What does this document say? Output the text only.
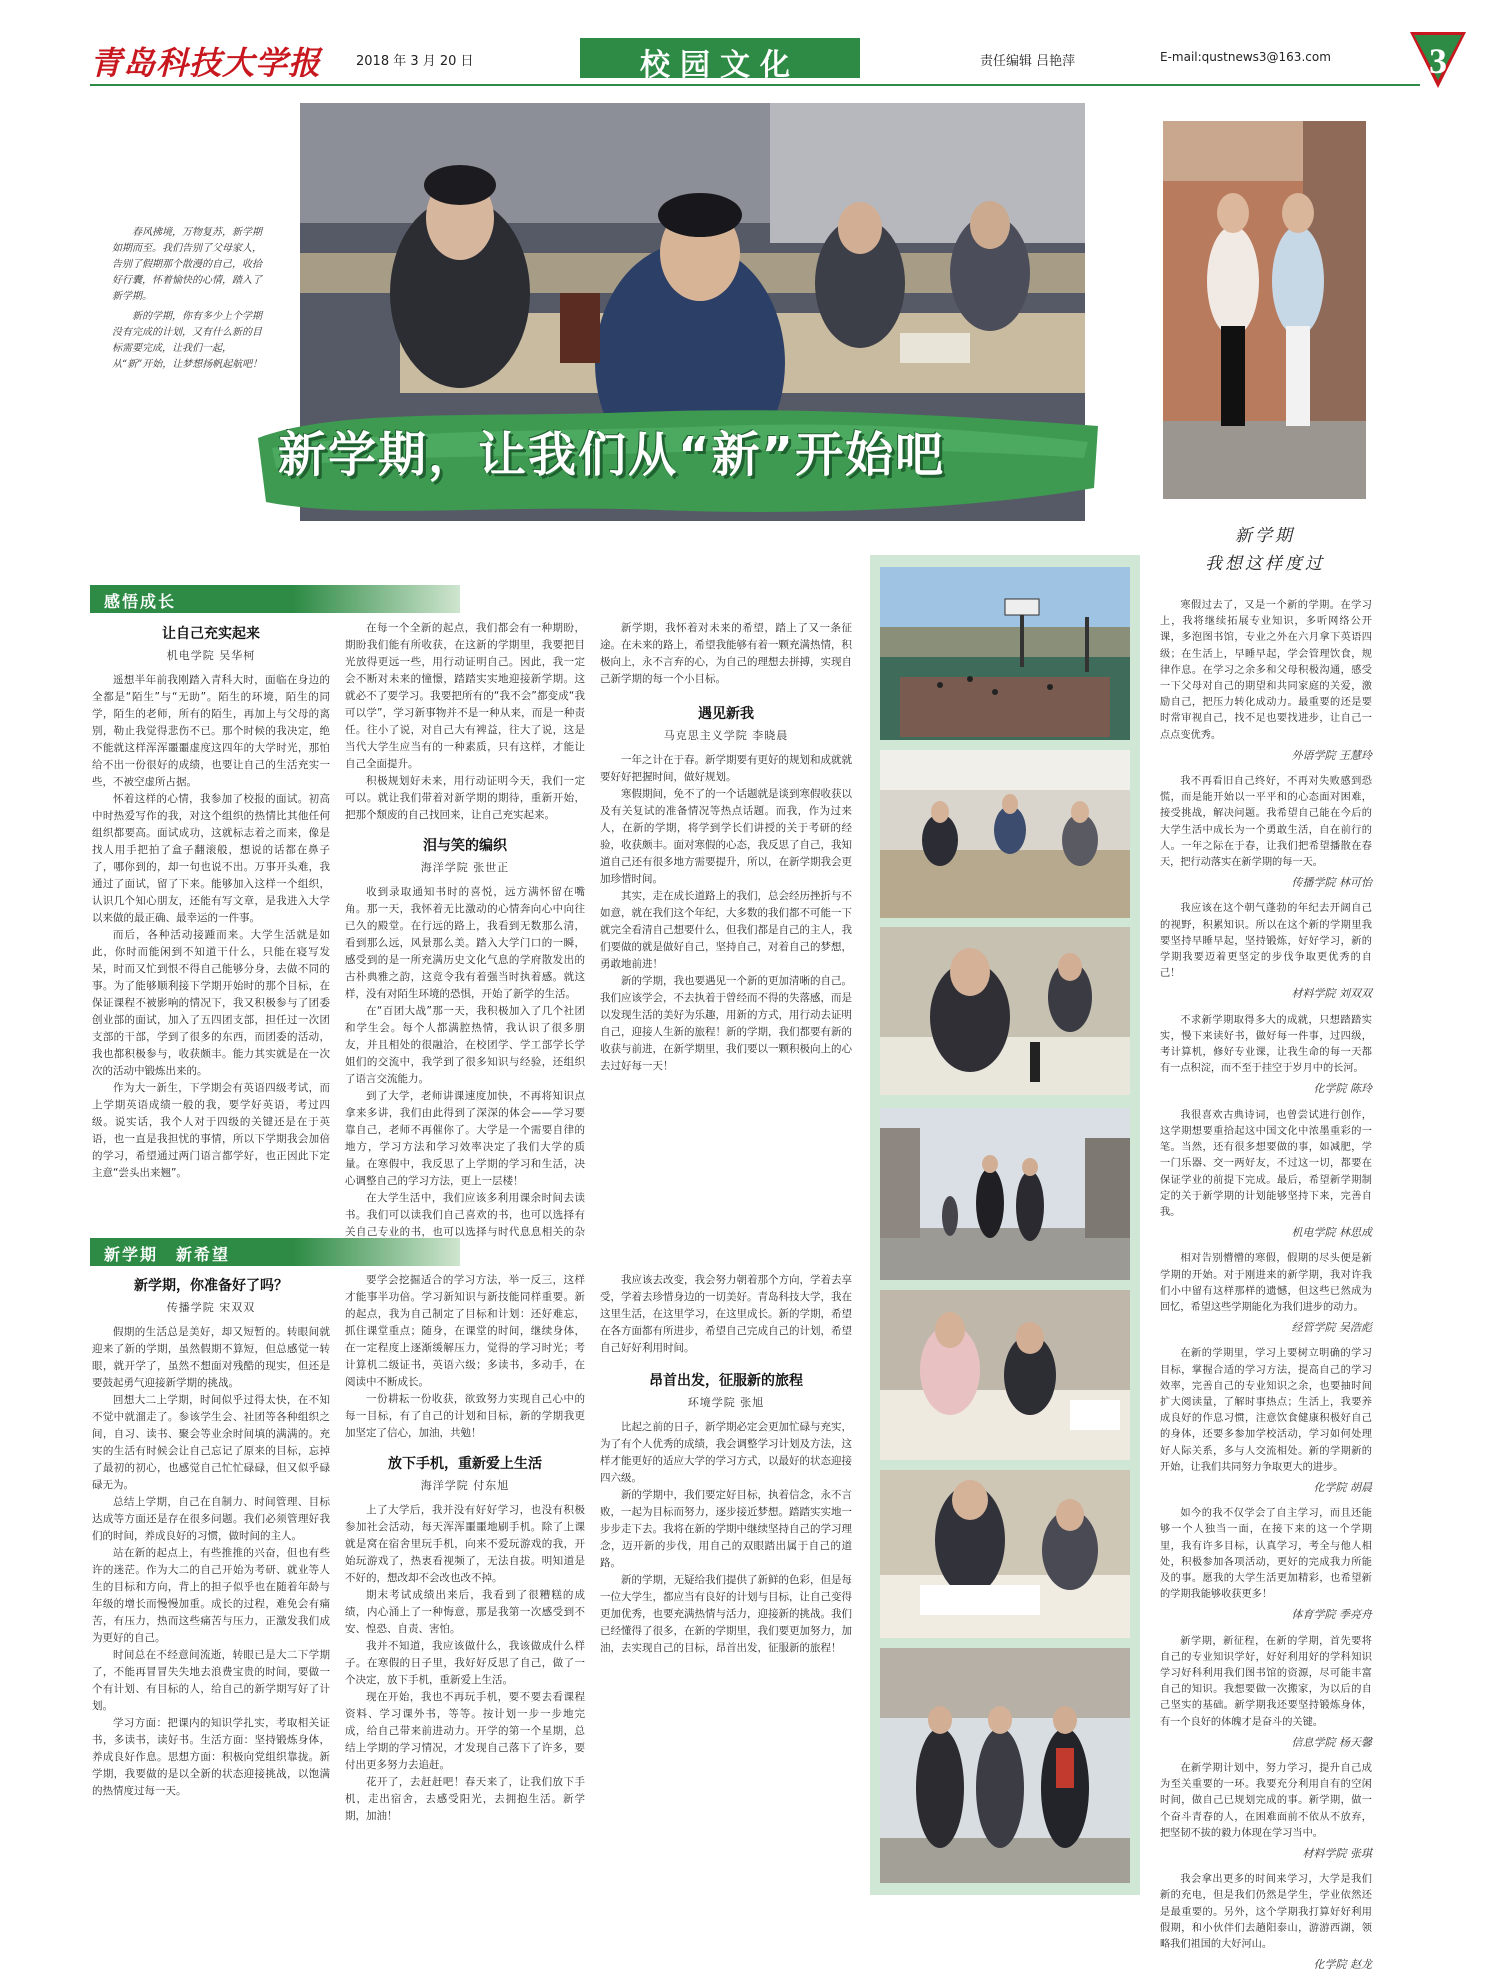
青岛科技大学报	2018 年 3 月 20 日	校园文化	责任编辑 吕艳萍	E-mail:qustnews3@163.com	3

春风拂境，万物复苏，新学期如期而至。我们告别了父母家人，告别了假期那个散漫的自己，收拾好行囊，怀着愉快的心情，踏入了新学期。

新的学期，你有多少上个学期没有完成的计划，又有什么新的目标需要完成，让我们一起，从“新”开始，让梦想扬帆起航吧！

新学期，让我们从“新”开始吧
新学期
我想这样度过
感悟成长
让自己充实起来
机电学院 吴华柯

遥想半年前我刚踏入青科大时，面临在身边的全都是“陌生”与“无助”。陌生的环境，陌生的同学，陌生的老师，所有的陌生，再加上与父母的离别，勒止我觉得悲伤不已。那个时候的我决定，绝不能就这样浑浑噩噩虚度这四年的大学时光，那怕给不出一份很好的成绩，也要让自己的生活充实一些，不被空虚所占据。

怀着这样的心情，我参加了校报的面试。初高中时热爱写作的我，对这个组织的热情比其他任何组织都要高。面试成功，这就标志着之而来，像是找人用手把拍了盒子翻滚般，想说的话都在鼻子了，哪你到的，却一句也说不出。万事开头难，我通过了面试，留了下来。能够加入这样一个组织，认识几个知心朋友，还能有写文章，是我进入大学以来做的最正确、最幸运的一件事。

而后，各种活动接踵而来。大学生活就是如此，你时而能闲到不知道干什么，只能在寝写发呆，时而又忙到恨不得自己能够分身，去做不同的事。为了能够顺利接下学期开始时的那个目标，在保证课程不被影响的情况下，我又积极参与了团委创业部的面试，加入了五四团支部，担任过一次团支部的干部，学到了很多的东西，而团委的活动，我也都积极参与，收获颇丰。能力其实就是在一次次的活动中锻炼出来的。

作为大一新生，下学期会有英语四级考试，而上学期英语成绩一般的我，要学好英语，考过四级。说实话，我个人对于四级的关键还是在于英语，也一直是我担忧的事情，所以下学期我会加倍的学习，希望通过两门语言都学好，也正因此下定主意“尝头出来翘”。

在每一个全新的起点，我们都会有一种期盼，期盼我们能有所收获，在这新的学期里，我要把目光放得更远一些，用行动证明自己。因此，我一定会不断对未来的憧憬，踏踏实实地迎接新学期。这就必不了要学习。我要把所有的“我不会”都变成“我可以学”，学习新事物并不是一种从来，而是一种责任。往小了说，对自己大有裨益，往大了说，这是当代大学生应当有的一种素质，只有这样，才能让自己全面提升。

积极规划好未来，用行动证明今天，我们一定可以。就让我们带着对新学期的期待，重新开始，把那个颓废的自己找回来，让自己充实起来。

泪与笑的编织
海洋学院 张世正

收到录取通知书时的喜悦，远方满怀留在嘴角。那一天，我怀着无比激动的心情奔向心中向往已久的殿堂。在行远的路上，我看到无数那么清，看到那么远，风景那么美。踏入大学门口的一瞬，感受到的是一所充满历史文化气息的学府散发出的古朴典雅之韵，这竟令我有着强当时执着感。就这样，没有对陌生环境的恐惧，开始了新学的生活。

在“百团大战”那一天，我积极加入了几个社团和学生会。每个人都满腔热情，我认识了很多朋友，并且相处的很融洽，在校团学、学工部学长学姐们的交流中，我学到了很多知识与经验，还组织了语言交流能力。

到了大学，老师讲课速度加快，不再将知识点拿来多讲，我们由此得到了深深的体会——学习要靠自己，老师不再催你了。大学是一个需要自律的地方，学习方法和学习效率决定了我们大学的质量。在寒假中，我反思了上学期的学习和生活，决心调整自己的学习方法，更上一层楼！

在大学生活中，我们应该多利用课余时间去读书。我们可以读我们自己喜欢的书，也可以选择有关自己专业的书，也可以选择与时代息息相关的杂

新学期，我怀着对未来的希望，踏上了又一条征途。在未来的路上，希望我能够有着一颗充满热情，积极向上，永不言弃的心，为自己的理想去拼搏，实现自己新学期的每一个小目标。

遇见新我
马克思主义学院 李晓晨

一年之计在于春。新学期要有更好的规划和成就就要好好把握时间，做好规划。

寒假期间，免不了的一个话题就是谈到寒假收获以及有关复试的准备情况等热点话题。而我，作为过来人，在新的学期，将学到学长们讲授的关于考研的经验，收获颇丰。面对寒假的心态，我反思了自己，我知道自己还有很多地方需要提升，所以，在新学期我会更加珍惜时间。

其实，走在成长道路上的我们，总会经历挫折与不如意，就在我们这个年纪，大多数的我们都不可能一下就完全看清自己想要什么，但我们都是自己的主人，我们要做的就是做好自己，坚持自己，对着自己的梦想，勇敢地前进！

新的学期，我也要遇见一个新的更加清晰的自己。我们应该学会，不去执着于曾经而不得的失落感，而是以发现生活的美好为乐趣，用新的方式，用行动去证明自己，迎接人生新的旅程！新的学期，我们都要有新的收获与前进，在新学期里，我们要以一颗积极向上的心去过好每一天！

新学期　新希望
新学期，你准备好了吗？
传播学院 宋双双

假期的生活总是美好，却又短暂的。转眼间就迎来了新的学期，虽然假期不算短，但总感觉一转眼，就开学了，虽然不想面对残酷的现实，但还是要鼓起勇气迎接新学期的挑战。

回想大二上学期，时间似乎过得太快，在不知不觉中就溜走了。参该学生会、社团等各种组织之间，自习、读书、聚会等业余时间填的满满的。充实的生活有时候会让自己忘记了原来的目标，忘掉了最初的初心，也感觉自己忙忙碌碌，但又似乎碌碌无为。

总结上学期，自己在自制力、时间管理、目标达成等方面还是存在很多问题。我们必须管理好我们的时间，养成良好的习惯，做时间的主人。

站在新的起点上，有些推推的兴奋，但也有些许的迷茫。作为大二的自己开始为考研、就业等人生的目标和方向，背上的担子似乎也在随着年龄与年级的增长而慢慢加重。成长的过程，难免会有痛苦，有压力，热而这些痛苦与压力，正激发我们成为更好的自己。

时间总在不经意间流逝，转眼已是大二下学期了，不能再冒冒失失地去浪费宝贵的时间，要做一个有计划、有目标的人，给自己的新学期写好了计划。

学习方面：把课内的知识学扎实，考取相关证书，多读书，读好书。生活方面：坚持锻炼身体，养成良好作息。思想方面：积极向党组织靠拢。新学期，我要做的是以全新的状态迎接挑战，以饱满的热情度过每一天。

要学会挖掘适合的学习方法，举一反三，这样才能事半功倍。学习新知识与新技能同样重要。新的起点，我为自己制定了目标和计划：还好难忘，抓住课堂重点；随身，在课堂的时间，继续身体，在一定程度上逐渐缓解压力，觉得的学习时光；考计算机二级证书，英语六级；多读书，多动手，在阅读中不断成长。

一份耕耘一份收获，欲致努力实现自己心中的每一目标，有了自己的计划和目标，新的学期我更加坚定了信心，加油，共勉！

放下手机，重新爱上生活
海洋学院 付东旭

上了大学后，我并没有好好学习，也没有积极参加社会活动，每天浑浑噩噩地刷手机。除了上课就是窝在宿舍里玩手机，向来不爱玩游戏的我，开始玩游戏了，热衷看视频了，无法自拔。明知道是不好的，想改却不会改也改不掉。

期末考试成绩出来后，我看到了很糟糕的成绩，内心涌上了一种悔意，那是我第一次感受到不安、惶恐、自责、害怕。

我并不知道，我应该做什么，我该做成什么样子。在寒假的日子里，我好好反思了自己，做了一个决定，放下手机，重新爱上生活。

现在开始，我也不再玩手机，要不要去看课程资料、学习课外书，等等。按计划一步一步地完成，给自己带来前进动力。开学的第一个星期，总结上学期的学习情况，才发现自己落下了许多，要付出更多努力去追赶。

花开了，去赶赶吧！春天来了，让我们放下手机，走出宿舍，去感受阳光，去拥抱生活。新学期，加油！

我应该去改变，我会努力朝着那个方向，学着去享受，学着去珍惜身边的一切美好。青岛科技大学，我在这里生活，在这里学习，在这里成长。新的学期，希望在各方面都有所进步，希望自己完成自己的计划，希望自己好好利用时间。

昂首出发，征服新的旅程
环境学院 张旭

比起之前的日子，新学期必定会更加忙碌与充实，为了有个人优秀的成绩，我会调整学习计划及方法，这样才能更好的适应大学的学习方式，以最好的状态迎接四六级。

新的学期中，我们要定好目标，执着信念，永不言败，一起为目标而努力，逐步接近梦想。踏踏实实地一步步走下去。我将在新的学期中继续坚持自己的学习理念，迈开新的步伐，用自己的双眼踏出属于自己的道路。

新的学期，无疑给我们提供了新鲜的色彩，但是每一位大学生，都应当有良好的计划与目标，让自己变得更加优秀，也要充满热情与活力，迎接新的挑战。我们已经懂得了很多，在新的学期里，我们要更加努力，加油，去实现自己的目标，昂首出发，征服新的旅程！

寒假过去了，又是一个新的学期。在学习上，我将继续拓展专业知识，多听网络公开课，多泡图书馆，专业之外在六月拿下英语四级；在生活上，早睡早起，学会管理饮食，规律作息。在学习之余多和父母积极沟通，感受一下父母对自己的期望和共同家庭的关爱，激励自己，把压力转化成动力。最重要的还是要时常审视自己，找不足也要找进步，让自己一点点变优秀。

外语学院 王慧玲

我不再看旧自己终好，不再对失败感到恐慌，而是能开始以一平平和的心态面对困难，接受挑战，解决问题。我希望自己能在今后的大学生活中成长为一个勇敢生活，自在前行的人。一年之际在于春，让我们把希望播散在春天，把行动落实在新学期的每一天。

传播学院 林可怡

我应该在这个朝气蓬勃的年纪去开阔自己的视野，积累知识。所以在这个新的学期里我要坚持早睡早起，坚持锻炼，好好学习，新的学期我要迈着更坚定的步伐争取更优秀的自己！

材料学院 刘双双

不求新学期取得多大的成就，只想踏踏实实，慢下来读好书，做好每一件事，过四级，考计算机，修好专业课，让我生命的每一天都有一点积淀，而不至于挂空于岁月中的长河。

化学院 陈玲

我很喜欢古典诗词，也曾尝试进行创作，这学期想要重拾起这中国文化中浓墨重彩的一笔。当然，还有很多想要做的事，如减肥，学一门乐器、交一两好友，不过这一切，都要在保证学业的前提下完成。最后，希望新学期制定的关于新学期的计划能够坚持下来，完善自我。

机电学院 林思成

相对告别懵懵的寒假，假期的尽头便是新学期的开始。对于刚进来的新学期，我对许我们小中留有这样那样的遗憾，但这些已然成为回忆，希望这些学期能化为我们进步的动力。

经管学院 吴浩彪

在新的学期里，学习上要树立明确的学习目标，掌握合适的学习方法，提高自己的学习效率，完善自己的专业知识之余，也要抽时间扩大阅读量，了解时事热点；生活上，我要养成良好的作息习惯，注意饮食健康积极好自己的身体，还要多参加学校活动，学习如何处理好人际关系，多与人交流相处。新的学期新的开始，让我们共同努力争取更大的进步。

化学院 胡晨

如今的我不仅学会了自主学习，而且还能够一个人独当一面，在接下来的这一个学期里，我有许多目标，认真学习，考全与他人相处，积极参加各项活动，更好的完成我力所能及的事。愿我的大学生活更加精彩，也希望新的学期我能够收获更多！

体育学院 季亮舟

新学期，新征程，在新的学期，首先要将自己的专业知识学好，好好利用好的学科知识学习好科利用我们图书馆的资源，尽可能丰富自己的知识。我想要做一次搬家，为以后的自己坚实的基础。新学期我还要坚持锻炼身体，有一个良好的体魄才是奋斗的关键。

信息学院 杨天馨

在新学期计划中，努力学习，提升自己成为至关重要的一环。我要充分利用自有的空闲时间，做自己已规划完成的事。新学期，做一个奋斗青春的人，在困难面前不依从不放弃，把坚韧不拔的毅力体现在学习当中。

材料学院 张琪

我会拿出更多的时间来学习，大学是我们新的充电，但是我们仍然是学生，学业依然还是最重要的。另外，这个学期我打算好好利用假期，和小伙伴们去趟阳泰山，游游西湖，领略我们祖国的大好河山。

化学院 赵龙
